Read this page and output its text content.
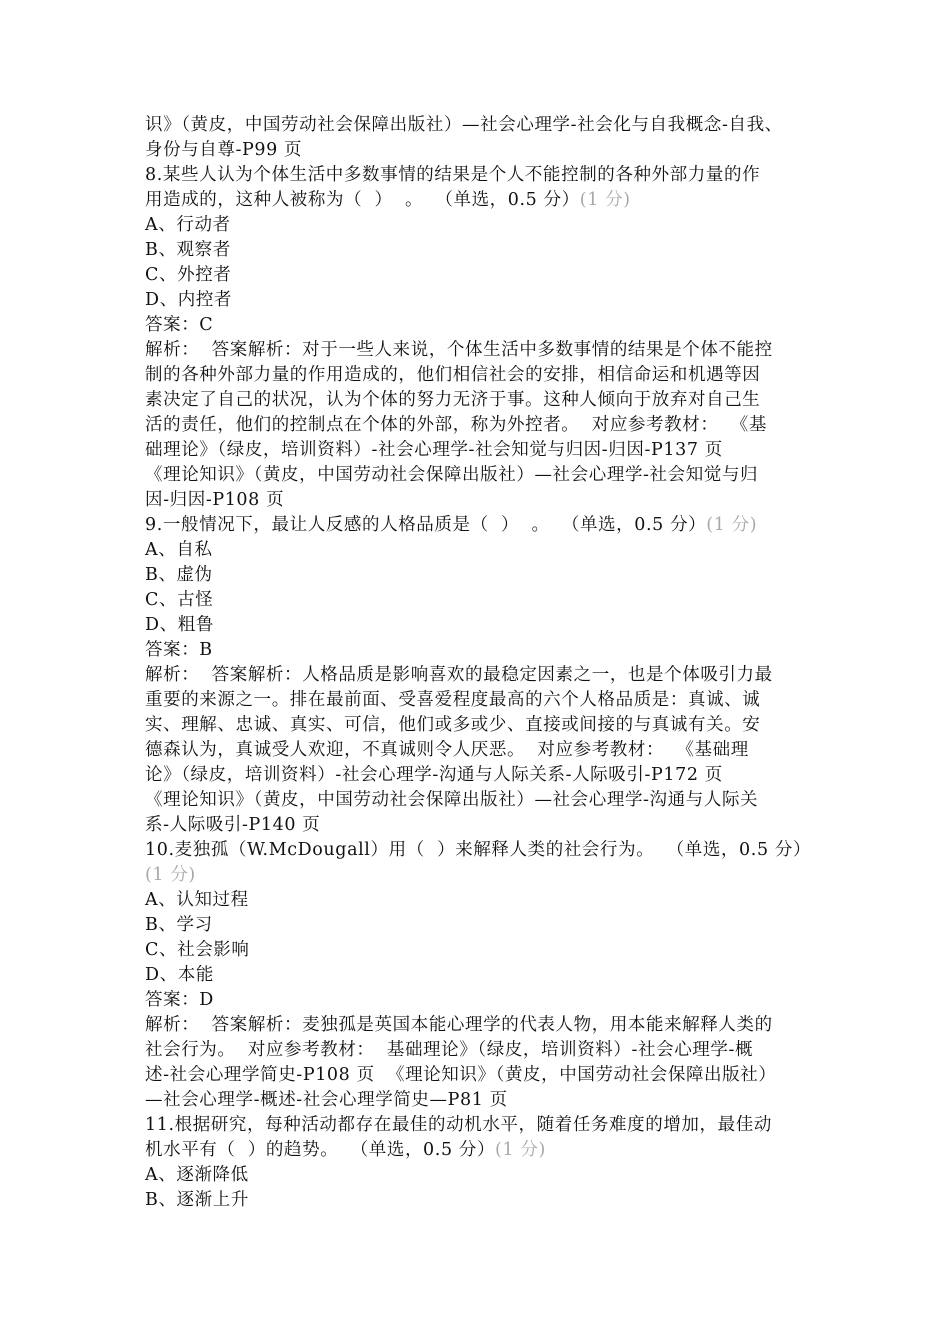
识》（黄皮，中国劳动社会保障出版社）—社会心理学-社会化与自我概念-自我、
身份与自尊-P99 页
8.某些人认为个体生活中多数事情的结果是个人不能控制的各种外部力量的作
用造成的，这种人被称为（  ）  。  （单选，0.5 分）(1 分)
A、行动者
B、观察者
C、外控者
D、内控者
答案：C
解析：  答案解析：对于一些人来说，个体生活中多数事情的结果是个体不能控
制的各种外部力量的作用造成的，他们相信社会的安排，相信命运和机遇等因
素决定了自己的状况，认为个体的努力无济于事。这种人倾向于放弃对自己生
活的责任，他们的控制点在个体的外部，称为外控者。  对应参考教材：  《基
础理论》（绿皮，培训资料）-社会心理学-社会知觉与归因-归因-P137 页
《理论知识》（黄皮，中国劳动社会保障出版社）—社会心理学-社会知觉与归
因-归因-P108 页
9.一般情况下，最让人反感的人格品质是（  ）  。  （单选，0.5 分）(1 分)
A、自私
B、虚伪
C、古怪
D、粗鲁
答案：B
解析：  答案解析：人格品质是影响喜欢的最稳定因素之一，也是个体吸引力最
重要的来源之一。排在最前面、受喜爱程度最高的六个人格品质是：真诚、诚
实、理解、忠诚、真实、可信，他们或多或少、直接或间接的与真诚有关。安
德森认为，真诚受人欢迎，不真诚则令人厌恶。  对应参考教材：  《基础理
论》（绿皮，培训资料）-社会心理学-沟通与人际关系-人际吸引-P172 页
《理论知识》（黄皮，中国劳动社会保障出版社）—社会心理学-沟通与人际关
系-人际吸引-P140 页
10.麦独孤（W.McDougall）用（  ）来解释人类的社会行为。  （单选，0.5 分）
(1 分)
A、认知过程
B、学习
C、社会影响
D、本能
答案：D
解析：  答案解析：麦独孤是英国本能心理学的代表人物，用本能来解释人类的
社会行为。  对应参考教材：  基础理论》（绿皮，培训资料）-社会心理学-概
述-社会心理学简史-P108 页  《理论知识》（黄皮，中国劳动社会保障出版社）
—社会心理学-概述-社会心理学简史—P81 页
11.根据研究，每种活动都存在最佳的动机水平，随着任务难度的增加，最佳动
机水平有（  ）的趋势。  （单选，0.5 分）(1 分)
A、逐渐降低
B、逐渐上升
